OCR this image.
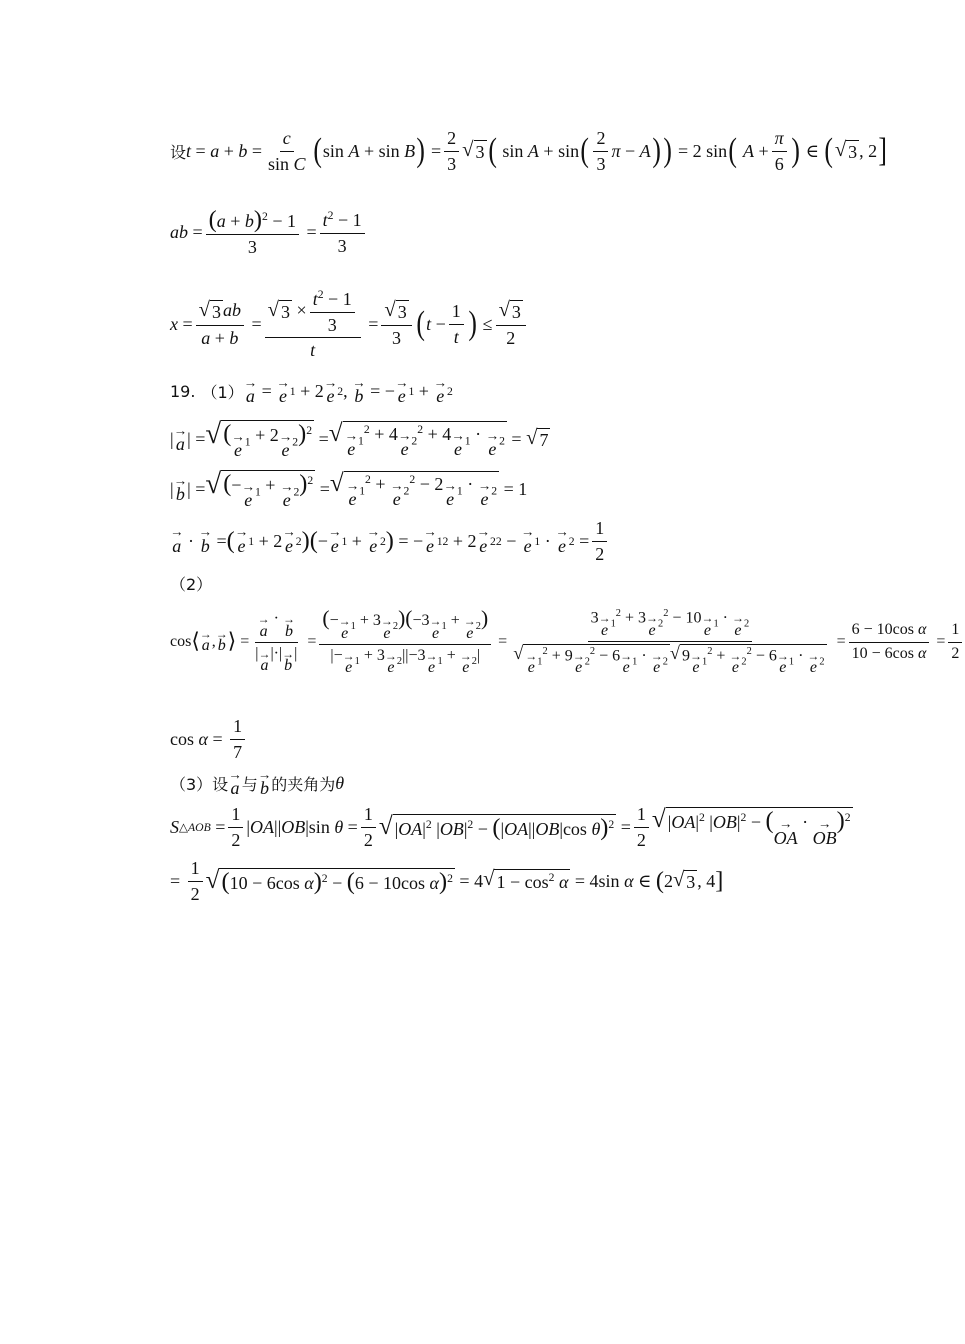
设 $t = a + b = \frac{c}{\text{sin C}}$ ( sin A + sin B ) = $\frac{2}{3}$ √ 3 ( sin A + sin ( $\frac{2}{3}$ π − A ) ) = 2 sin (
$A + \frac{\pi}{6}$ ) ∈ ( √ 3 , 2 ]
ab = $\frac{(a + b)^2 - 1}{3} = \frac{t^2 - 1}{3}$
$x = \frac{√ 3 ab}{a + b} = \frac{√ 3 \times \frac{t^2 - 1}{3}}{t} = \frac{√ 3}{3}$ ( $t - \frac{1}{t}$ ) ≤ $\frac{√ 3}{2}$
19. （1） → a = → e 1 + 2 → e 2 , → b = − → e 1 + → e 2
| → a | = √ (→ e $_1$ + 2→ e $_2$)$^2$ = √
→ e $_1^2$ + 4→ e $_2^2$ + 4→ e $_1$ · → e $_2$ = √ 7
| → b | = √ (−→ e $_1$ + → e $_2$)$^2$ = √
→ e $_1^2$ + → e $_2^2$ − 2→ e $_1$ · → e $_2$ = 1
→ a · → b = ( → e 1 + 2 → e 2 ) ( − → e 1 + → e 2 ) = − → e 1 2 + 2 → e 2 2 − → e 1 · → e $2 = \frac{1}{2}$
（2）
cos ⟨ → a , → b ⟩ = → $\frac{a \cdot \to b}{|\to a|\cdot|\to b|} = \frac{(-\to e _1 + 3\to e _2)(-3\to e _1 + \to e _2)}{|-\to e _1 + 3\to e _2||-3\to e _1 + \to e _2|} = 3\to e$ $_1^2$ + 3→ e $_2^2$ − 10→ e $_1$ · → e $_2$
√
→ e $_1^2$ + 9→ e $_2^2$ − 6→ e $_1$ · → e $_2$ √ 9→ e $_1^2$ + → e $_2^2$ − 6→ e $_1$ · → e $_2 = \frac{\text{6 − 10cos α}}{\text{10 − 6cos α}} = \frac{1}{2}$
$\cos \alpha = \frac{1}{7}$
（3）设 → a 与 → b 的夹角为 θ
S △AOB = $\frac{1}{2}$ | OA || OB |sin $\theta = \frac{1}{2}$ √ $|OA|^2$ $|OB|^2 - (|OA||OB|\cos$ $\theta)^2 = \frac{1}{2}$ √ $|OA|^2$ $|OB|^2$ − (→ OA · → OB)$^2$
= $\frac{1}{2}$ √ (10 − 6cos α)$^2$ − (6 − 10cos α)$^2$ = 4 √ $1 - \cos^2 \alpha = 4\sin$ α ∈ ( 2 √ 3 , 4 ]
